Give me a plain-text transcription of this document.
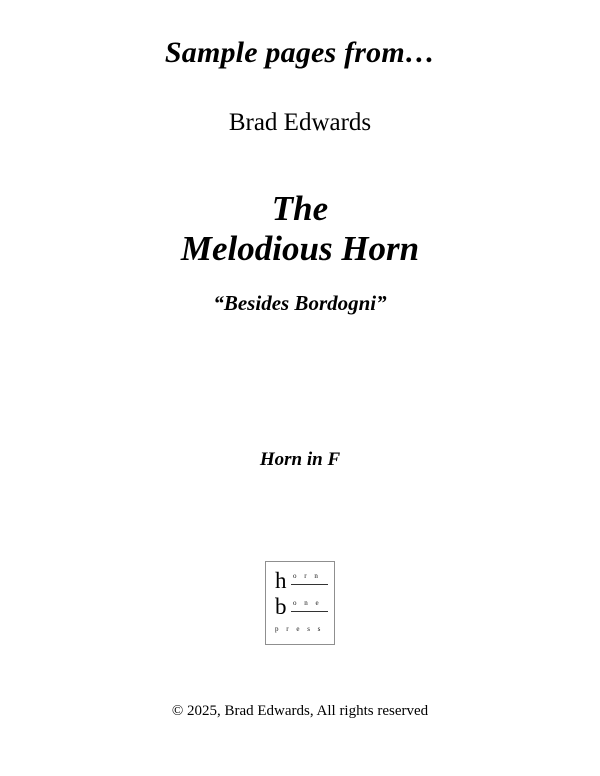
Sample pages from…
Brad Edwards
The
Melodious Horn
“Besides Bordogni”
Horn in F
h o r n
b o n e
p r e s s
© 2025, Brad Edwards, All rights reserved
